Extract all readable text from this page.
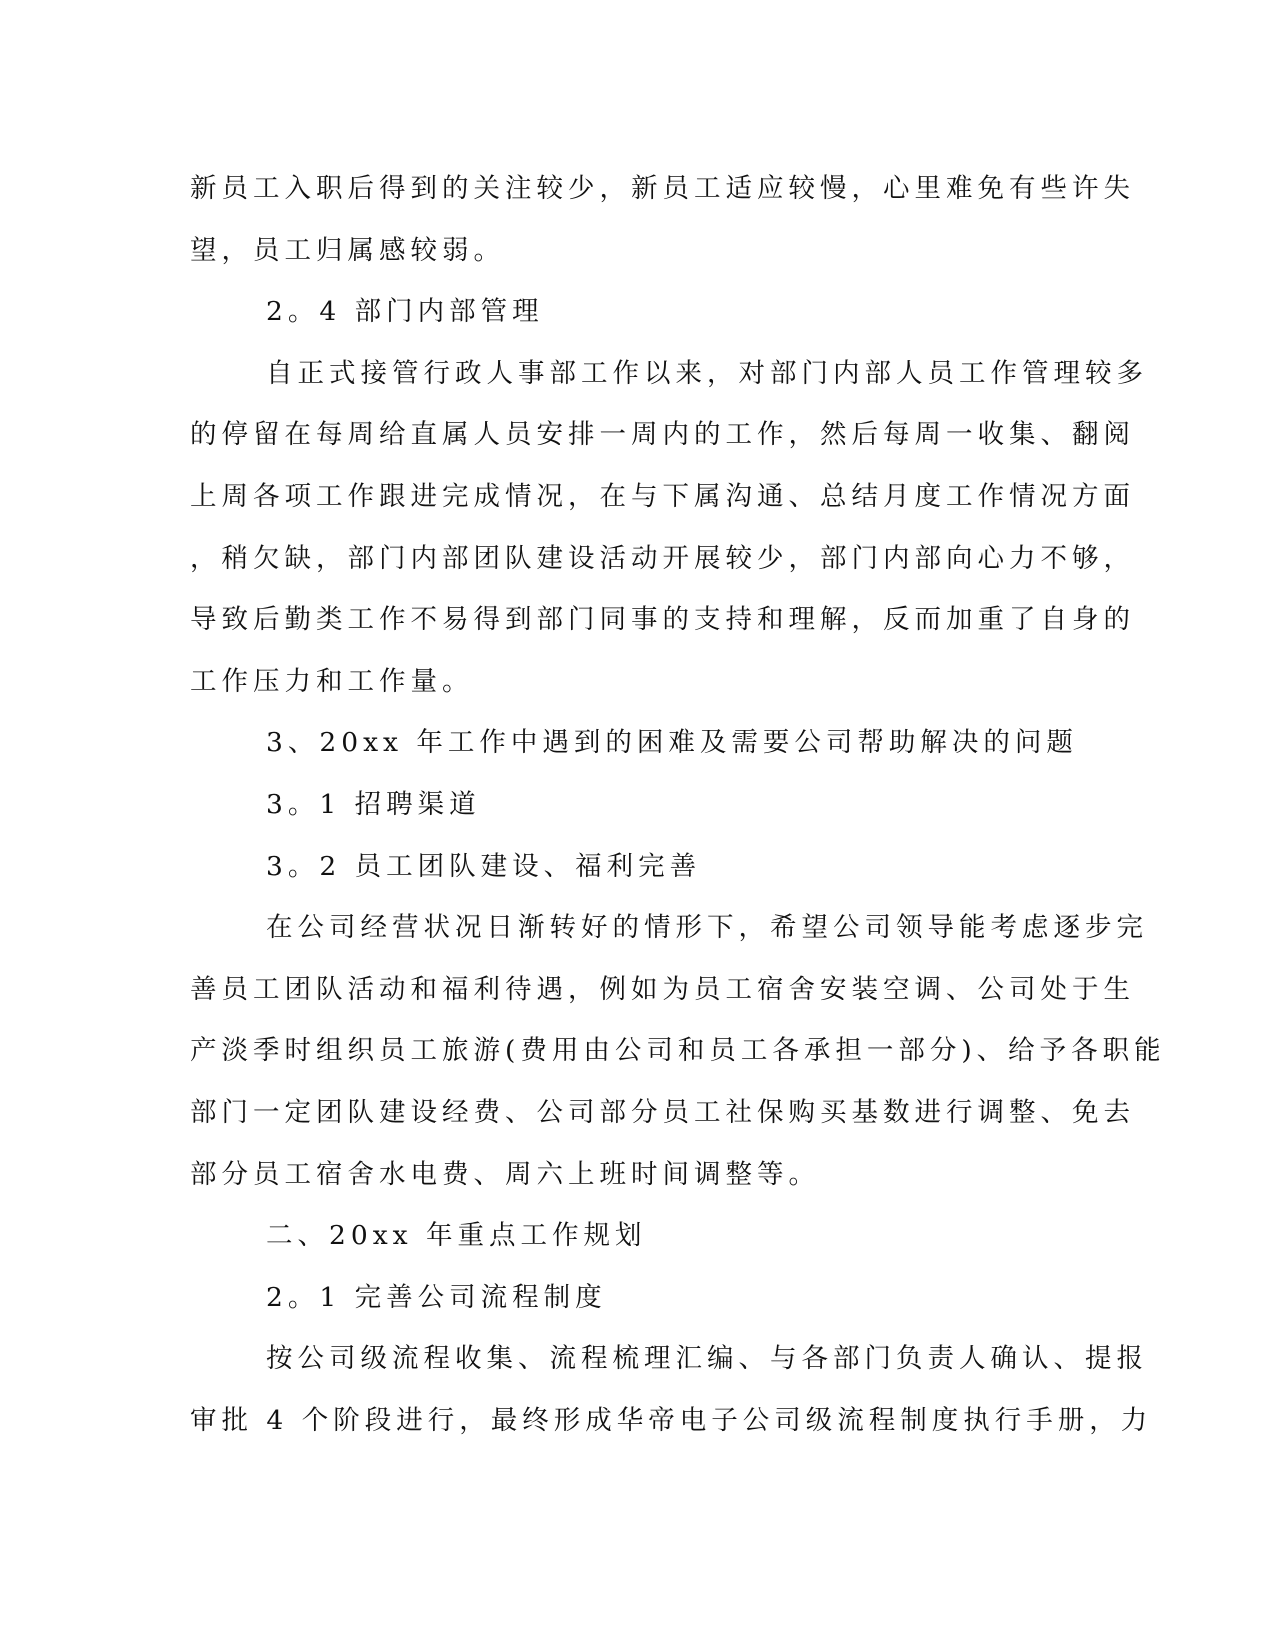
新员工入职后得到的关注较少，新员工适应较慢，心里难免有些许失

望，员工归属感较弱。

2。4 部门内部管理

自正式接管行政人事部工作以来，对部门内部人员工作管理较多

的停留在每周给直属人员安排一周内的工作，然后每周一收集、翻阅

上周各项工作跟进完成情况，在与下属沟通、总结月度工作情况方面

，稍欠缺，部门内部团队建设活动开展较少，部门内部向心力不够，

导致后勤类工作不易得到部门同事的支持和理解，反而加重了自身的

工作压力和工作量。

3、20xx 年工作中遇到的困难及需要公司帮助解决的问题

3。1 招聘渠道

3。2 员工团队建设、福利完善

在公司经营状况日渐转好的情形下，希望公司领导能考虑逐步完

善员工团队活动和福利待遇，例如为员工宿舍安装空调、公司处于生

产淡季时组织员工旅游(费用由公司和员工各承担一部分)、给予各职能

部门一定团队建设经费、公司部分员工社保购买基数进行调整、免去

部分员工宿舍水电费、周六上班时间调整等。

二、20xx 年重点工作规划

2。1 完善公司流程制度

按公司级流程收集、流程梳理汇编、与各部门负责人确认、提报

审批 4 个阶段进行，最终形成华帝电子公司级流程制度执行手册，力
